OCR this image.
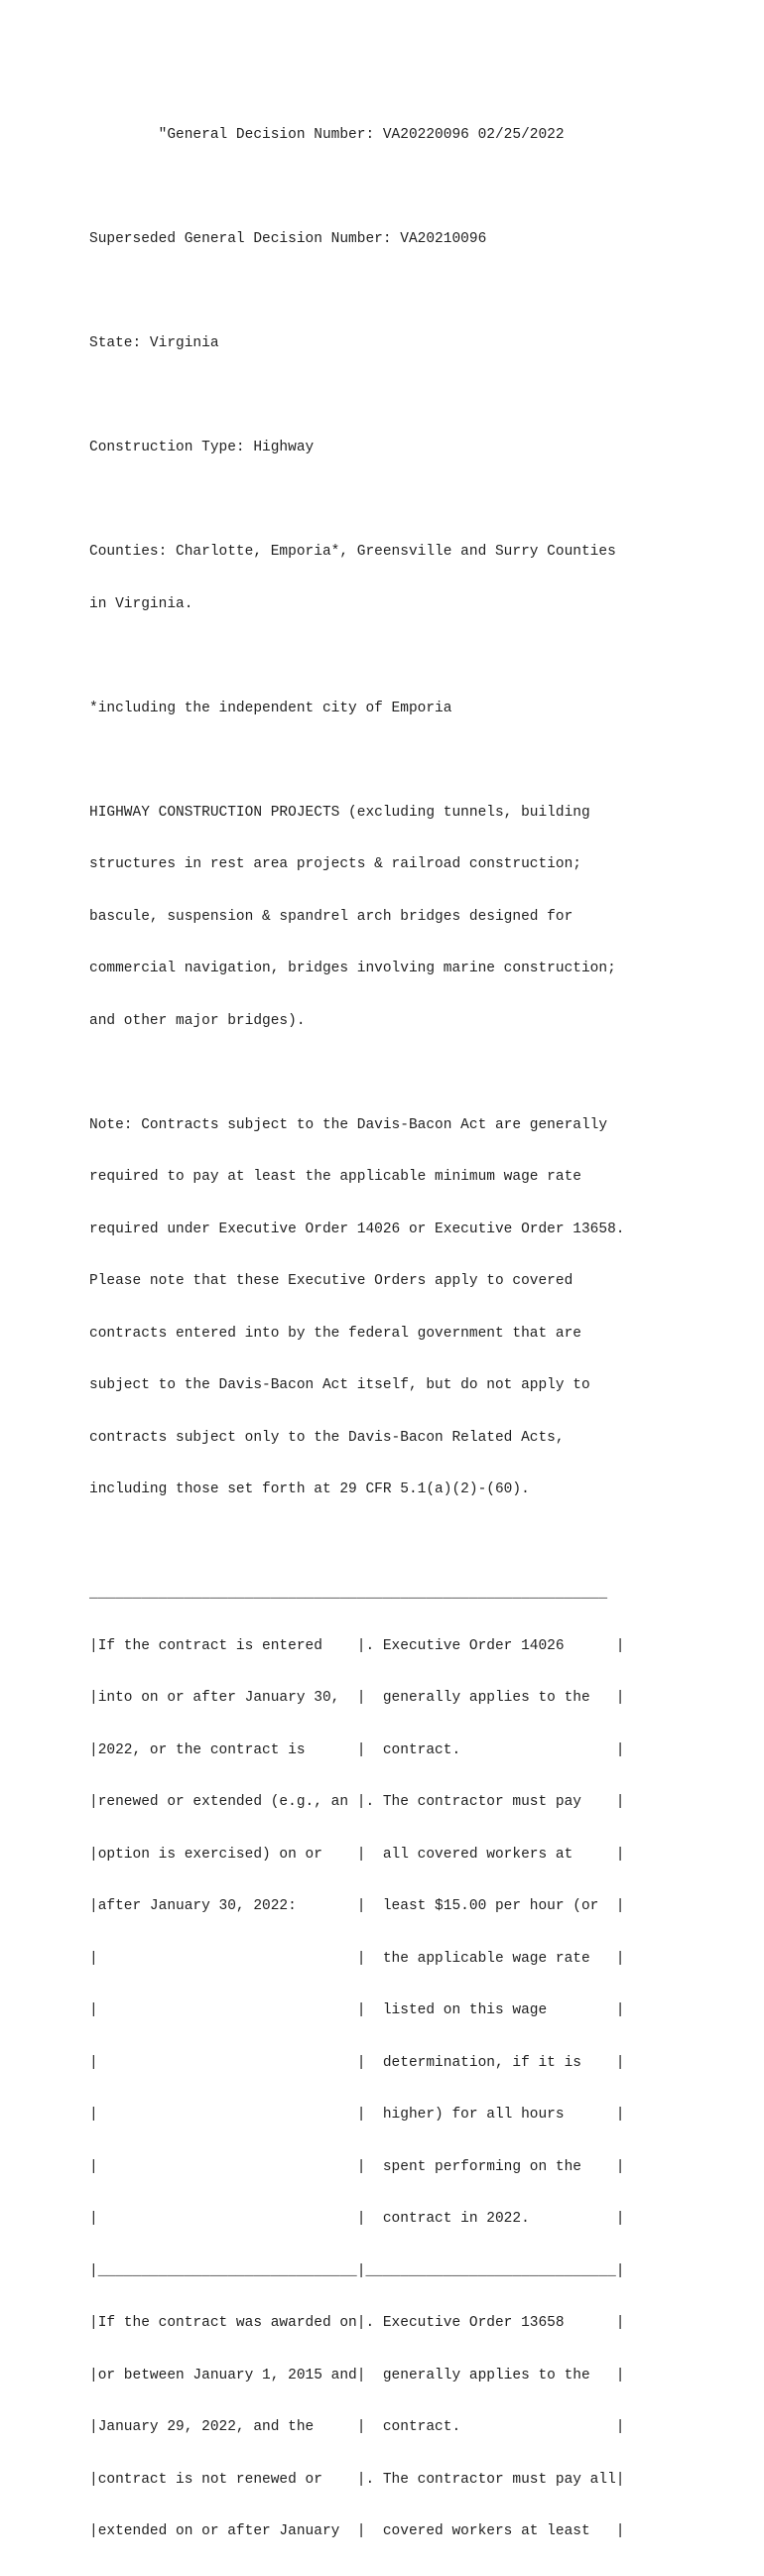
"General Decision Number: VA20220096 02/25/2022

Superseded General Decision Number: VA20210096

State: Virginia

Construction Type: Highway

Counties: Charlotte, Emporia*, Greensville and Surry Counties

in Virginia.

*including the independent city of Emporia

HIGHWAY CONSTRUCTION PROJECTS (excluding tunnels, building

structures in rest area projects & railroad construction;

bascule, suspension & spandrel arch bridges designed for

commercial navigation, bridges involving marine construction;

and other major bridges).

Note: Contracts subject to the Davis-Bacon Act are generally

required to pay at least the applicable minimum wage rate

required under Executive Order 14026 or Executive Order 13658.

Please note that these Executive Orders apply to covered

contracts entered into by the federal government that are

subject to the Davis-Bacon Act itself, but do not apply to

contracts subject only to the Davis-Bacon Related Acts,

including those set forth at 29 CFR 5.1(a)(2)-(60).

____________________________________________________________

|If the contract is entered    |. Executive Order 14026      |

|into on or after January 30,  |  generally applies to the   |

|2022, or the contract is      |  contract.                  |

|renewed or extended (e.g., an |. The contractor must pay    |

|option is exercised) on or    |  all covered workers at     |

|after January 30, 2022:       |  least $15.00 per hour (or  |

|                              |  the applicable wage rate   |

|                              |  listed on this wage        |

|                              |  determination, if it is    |

|                              |  higher) for all hours      |

|                              |  spent performing on the    |

|                              |  contract in 2022.          |

|______________________________|_____________________________|

|If the contract was awarded on|. Executive Order 13658      |

|or between January 1, 2015 and|  generally applies to the   |

|January 29, 2022, and the     |  contract.                  |

|contract is not renewed or    |. The contractor must pay all|

|extended on or after January  |  covered workers at least   |
